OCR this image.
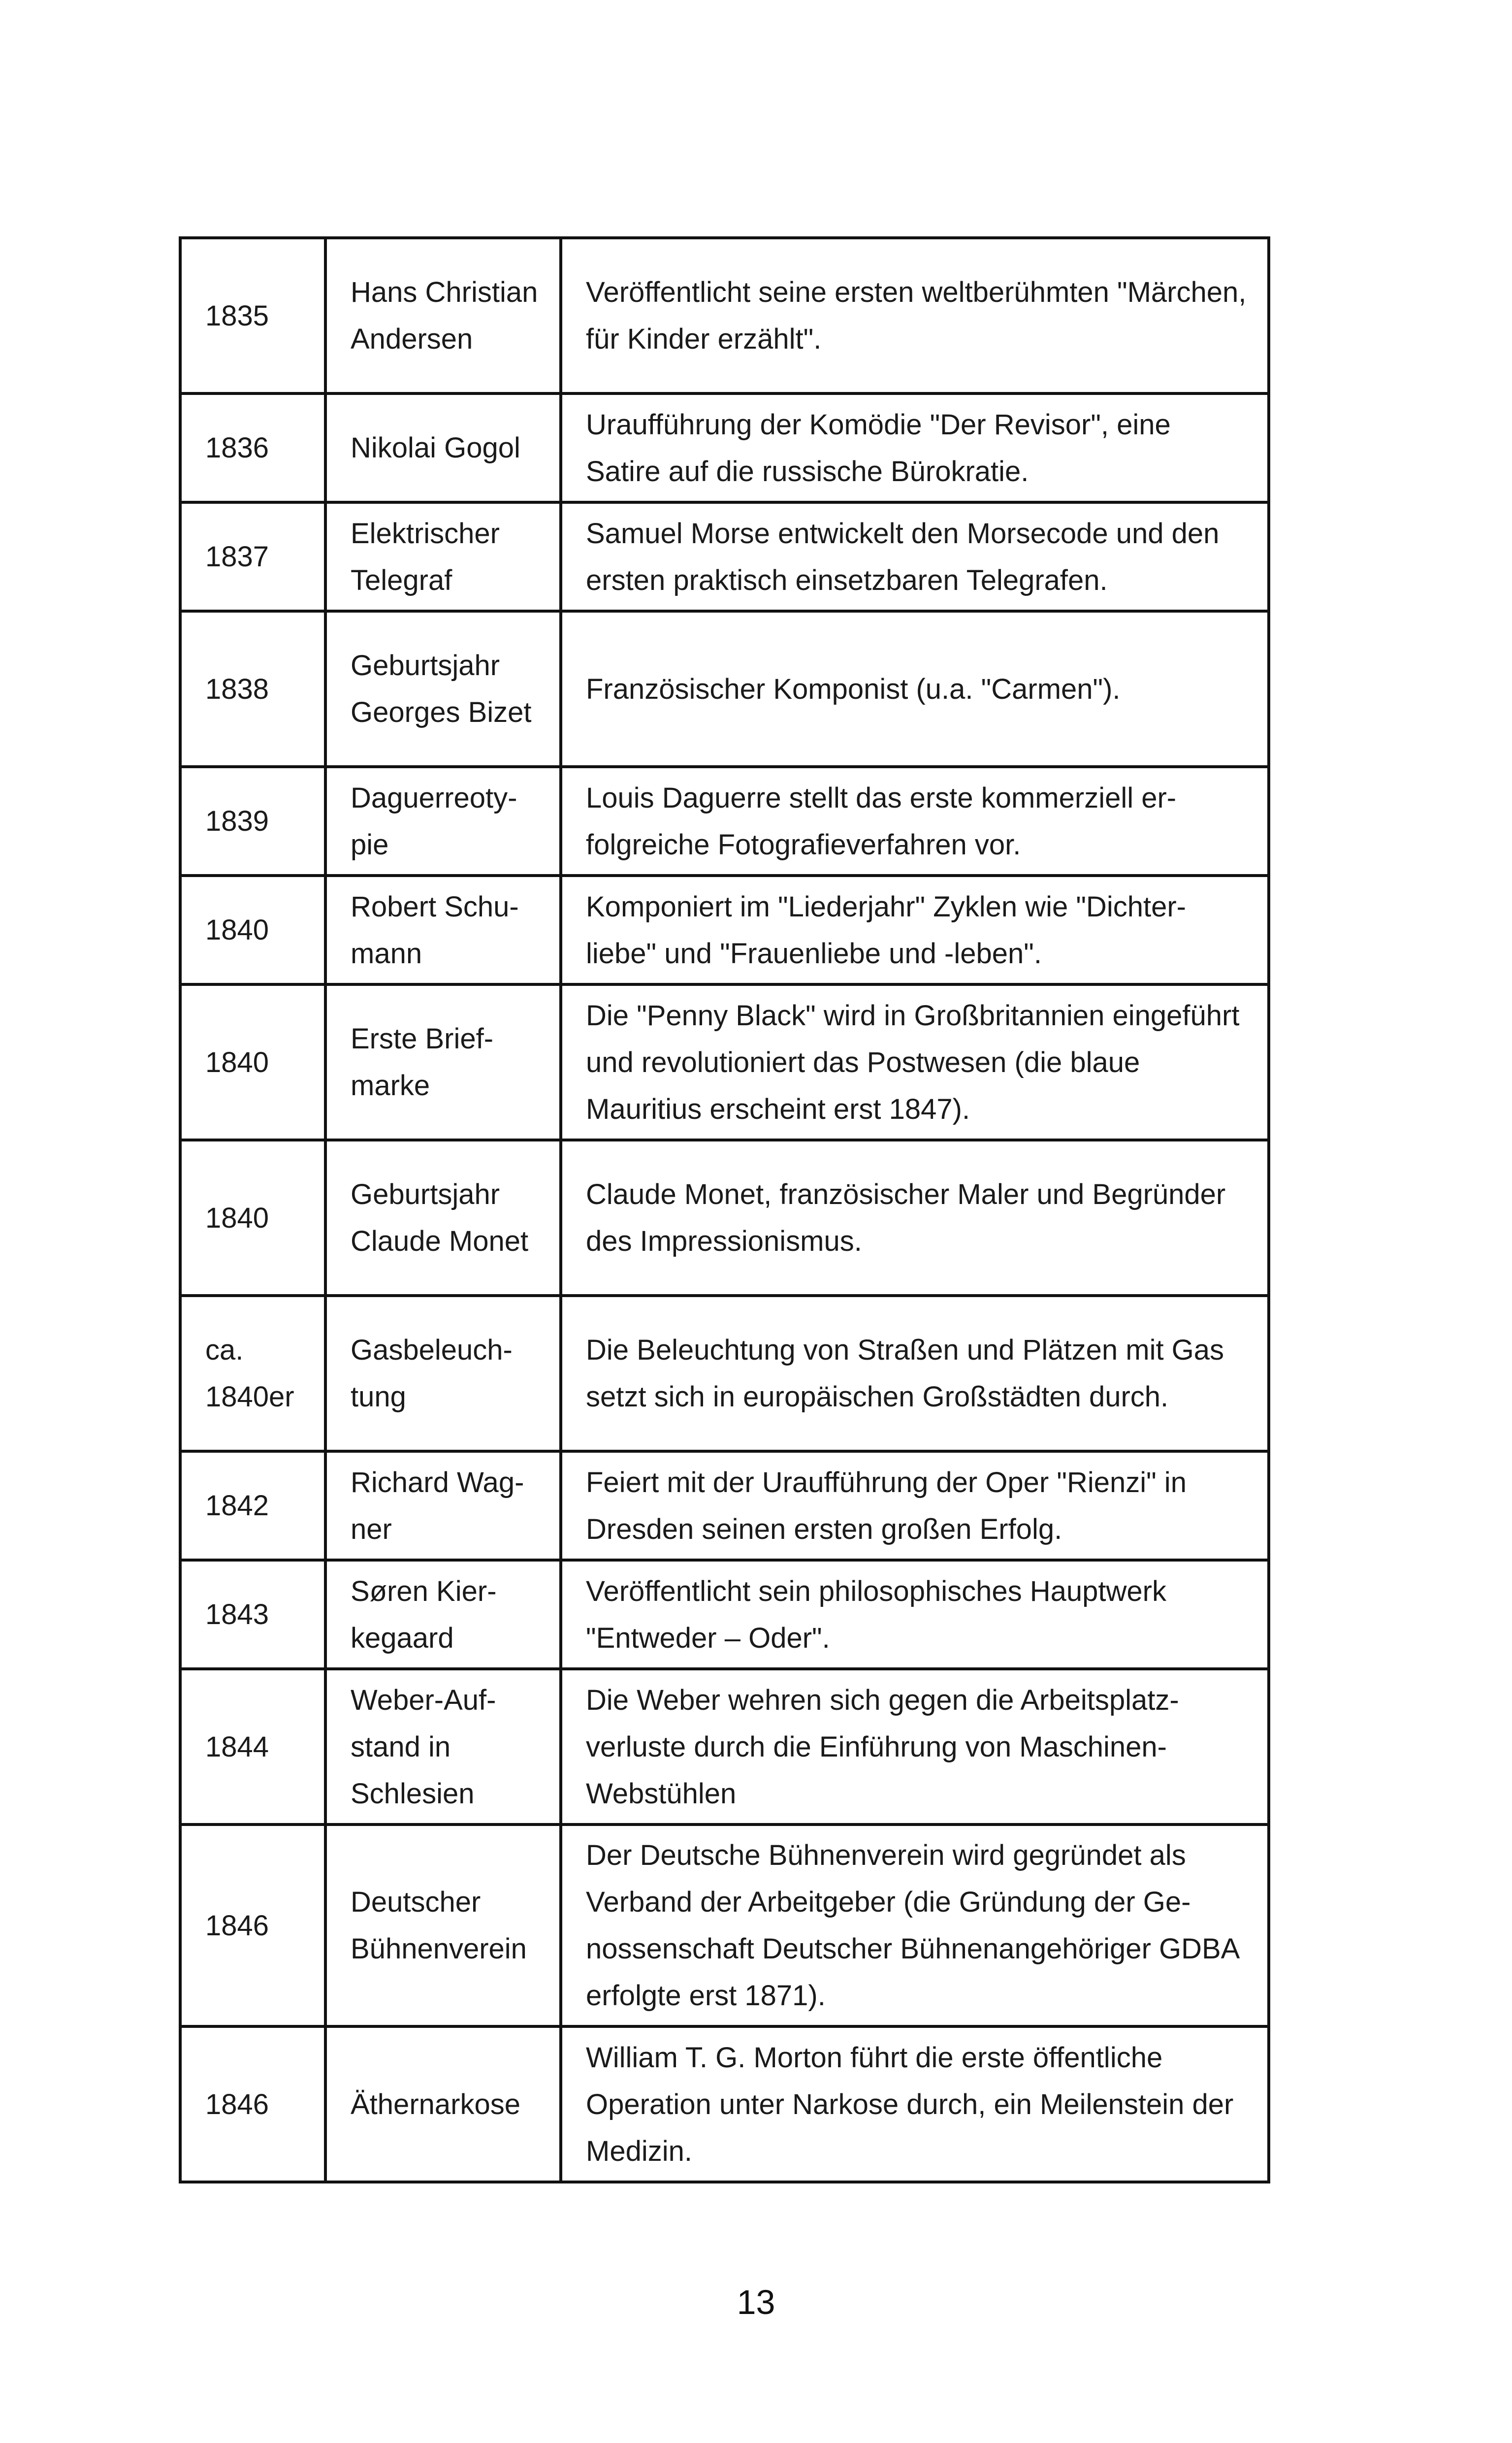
1835	Hans Christian Andersen	Veröffentlicht seine ersten weltberühmten "Märchen, für Kinder erzählt".
1836	Nikolai Gogol	Uraufführung der Komödie "Der Revisor", eine Satire auf die russische Bürokratie.
1837	Elektrischer Telegraf	Samuel Morse entwickelt den Morsecode und den ersten praktisch einsetzbaren Telegrafen.
1838	Geburtsjahr Georges Bizet	Französischer Komponist (u.a. "Carmen").
1839	Daguerreotypie	Louis Daguerre stellt das erste kommerziell erfolgreiche Fotografieverfahren vor.
1840	Robert Schumann	Komponiert im "Liederjahr" Zyklen wie "Dichterliebe" und "Frauenliebe und -leben".
1840	Erste Briefmarke	Die "Penny Black" wird in Großbritannien eingeführt und revolutioniert das Postwesen (die blaue Mauritius erscheint erst 1847).
1840	Geburtsjahr Claude Monet	Claude Monet, französischer Maler und Begründer des Impressionismus.
ca. 1840er	Gasbeleuchtung	Die Beleuchtung von Straßen und Plätzen mit Gas setzt sich in europäischen Großstädten durch.
1842	Richard Wagner	Feiert mit der Uraufführung der Oper "Rienzi" in Dresden seinen ersten großen Erfolg.
1843	Søren Kierkegaard	Veröffentlicht sein philosophisches Hauptwerk "Entweder – Oder".
1844	Weber-Aufstand in Schlesien	Die Weber wehren sich gegen die Arbeitsplatzverluste durch die Einführung von Maschinen-Webstühlen
1846	Deutscher Bühnenverein	Der Deutsche Bühnenverein wird gegründet als Verband der Arbeitgeber (die Gründung der Genossenschaft Deutscher Bühnenangehöriger GDBA erfolgte erst 1871).
1846	Äthernarkose	William T. G. Morton führt die erste öffentliche Operation unter Narkose durch, ein Meilenstein der Medizin.
13
